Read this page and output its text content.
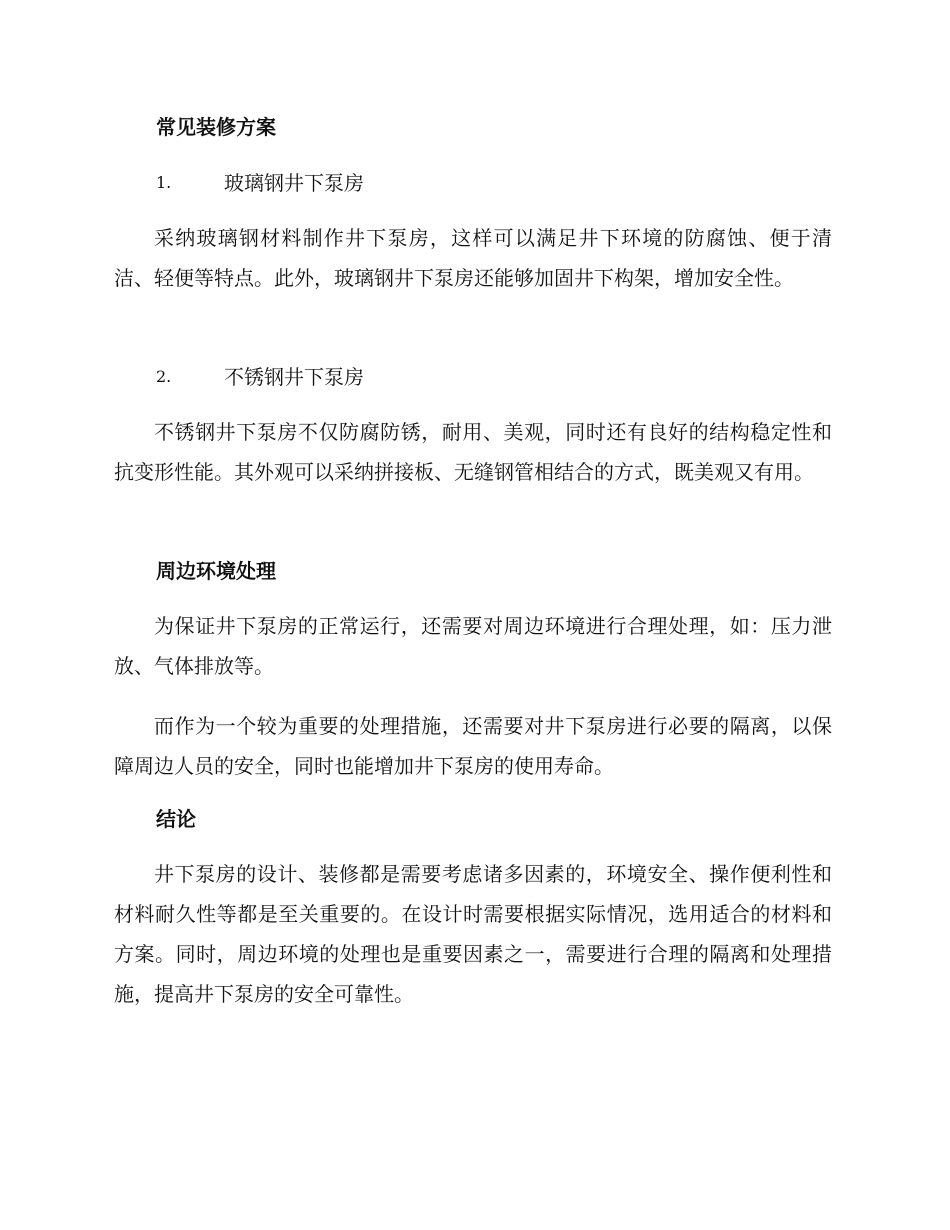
常见装修方案
1.	玻璃钢井下泵房

采纳玻璃钢材料制作井下泵房，这样可以满足井下环境的防腐蚀、便于清洁、轻便等特点。此外，玻璃钢井下泵房还能够加固井下构架，增加安全性。

2.	不锈钢井下泵房

不锈钢井下泵房不仅防腐防锈，耐用、美观，同时还有良好的结构稳定性和抗变形性能。其外观可以采纳拼接板、无缝钢管相结合的方式，既美观又有用。

周边环境处理

为保证井下泵房的正常运行，还需要对周边环境进行合理处理，如：压力泄放、气体排放等。

而作为一个较为重要的处理措施，还需要对井下泵房进行必要的隔离，以保障周边人员的安全，同时也能增加井下泵房的使用寿命。

结论

井下泵房的设计、装修都是需要考虑诸多因素的，环境安全、操作便利性和材料耐久性等都是至关重要的。在设计时需要根据实际情况，选用适合的材料和方案。同时，周边环境的处理也是重要因素之一，需要进行合理的隔离和处理措施，提高井下泵房的安全可靠性。
